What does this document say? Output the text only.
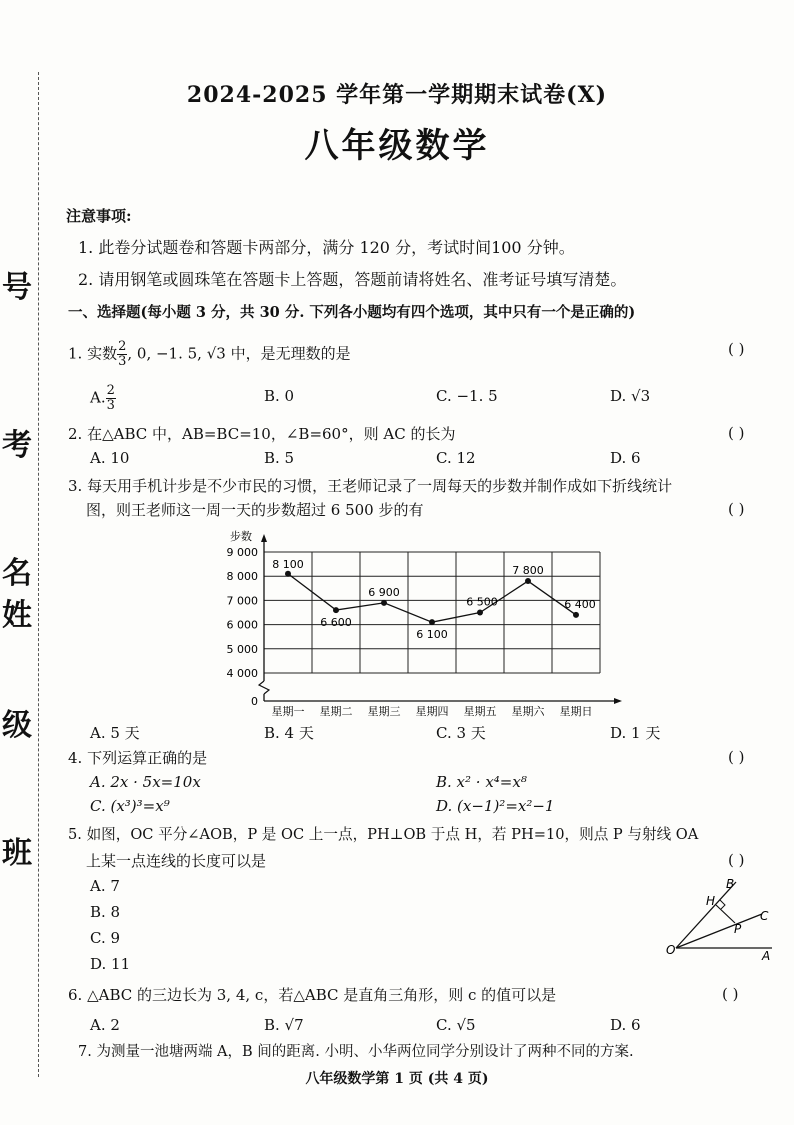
号
考
名
姓
级
班
2024-2025 学年第一学期期末试卷(X)
八年级数学
注意事项:
1. 此卷分试题卷和答题卡两部分，满分 120 分，考试时间100 分钟。
2. 请用钢笔或圆珠笔在答题卡上答题，答题前请将姓名、准考证号填写清楚。
一、选择题(每小题 3 分，共 30 分. 下列各小题均有四个选项，其中只有一个是正确的)
1. 实数 $\frac{2}{3}$ , 0, −1. 5, √3 中，是无理数的是	( )
A. $\frac{2}{3}$	B. 0	C. −1. 5	D. √3
2. 在△ABC 中，AB=BC=10，∠B=60°，则 AC 的长为	( )
A. 10	B. 5	C. 12	D. 6
3. 每天用手机计步是不少市民的习惯，王老师记录了一周每天的步数并制作成如下折线统计
图，则王老师这一周一天的步数超过 6 500 步的有	( )
4 000
5 000
6 000
7 000
8 000
9 000
0
步数
星期一 星期二 星期三 星期四 星期五 星期六 星期日
8 100
6 600
6 900
6 100
6 500
7 800
6 400
A. 5 天	B. 4 天	C. 3 天	D. 1 天
4. 下列运算正确的是	( )
A. 2x · 5x=10x	B. x² · x⁴=x⁸
C. (x³)³=x⁹	D. (x−1)²=x²−1
5. 如图，OC 平分∠AOB，P 是 OC 上一点，PH⊥OB 于点 H，若 PH=10，则点 P 与射线 OA
上某一点连线的长度可以是	( )
A. 7
B. 8
C. 9
D. 11
B
H
C
P
O	A
6. △ABC 的三边长为 3, 4, c，若△ABC 是直角三角形，则 c 的值可以是	( )
A. 2	B. √7	C. √5	D. 6
7. 为测量一池塘两端 A，B 间的距离. 小明、小华两位同学分别设计了两种不同的方案.
八年级数学第 1 页 (共 4 页)
